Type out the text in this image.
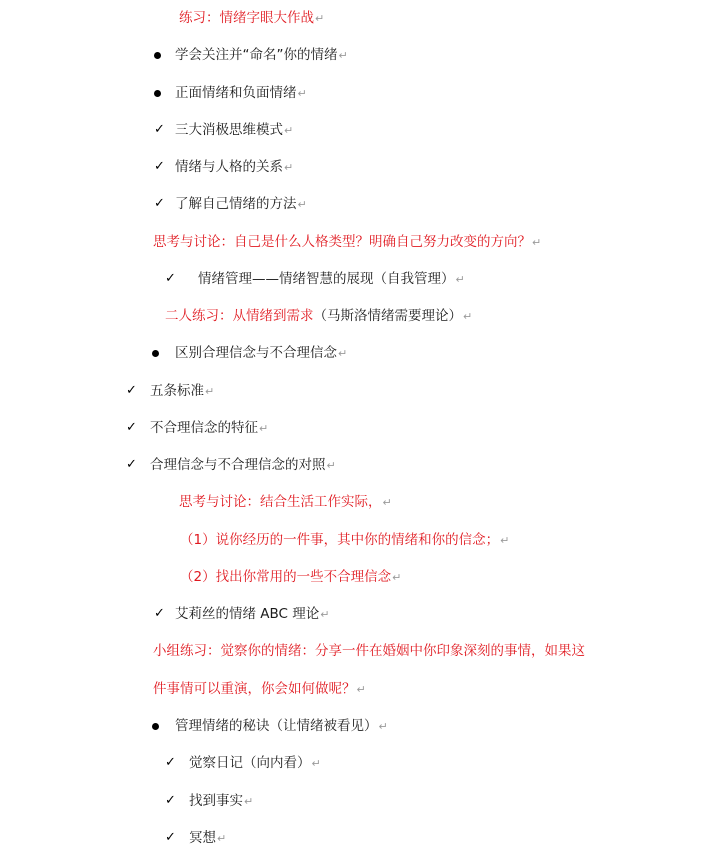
练习：情绪字眼大作战↵
学会关注并“命名”你的情绪↵
正面情绪和负面情绪↵
✓ 三大消极思维模式↵
✓ 情绪与人格的关系↵
✓ 了解自己情绪的方法↵
思考与讨论：自己是什么人格类型？明确自己努力改变的方向？↵
✓ 情绪管理——情绪智慧的展现（自我管理）↵
二人练习：从情绪到需求（马斯洛情绪需要理论）↵
区别合理信念与不合理信念↵
✓ 五条标准↵
✓ 不合理信念的特征↵
✓ 合理信念与不合理信念的对照↵
思考与讨论：结合生活工作实际，↵
（1）说你经历的一件事，其中你的情绪和你的信念；↵
（2）找出你常用的一些不合理信念↵
✓ 艾莉丝的情绪 ABC 理论↵
小组练习：觉察你的情绪：分享一件在婚姻中你印象深刻的事情，如果这
件事情可以重演，你会如何做呢？↵
管理情绪的秘诀（让情绪被看见）↵
✓ 觉察日记（向内看）↵
✓ 找到事实↵
✓ 冥想↵
